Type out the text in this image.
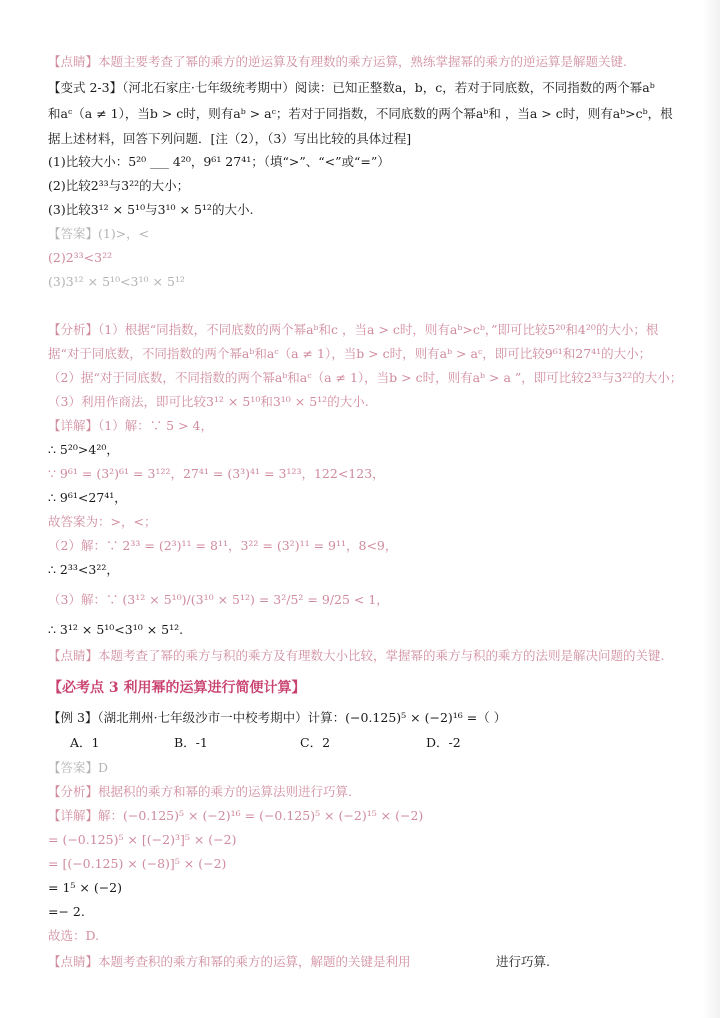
【点睛】本题主要考查了幂的乘方的逆运算及有理数的乘方运算，熟练掌握幂的乘方的逆运算是解题关键.
【变式 2-3】（河北石家庄·七年级统考期中）阅读：已知正整数a，b，c，若对于同底数，不同指数的两个幂aᵇ
和aᶜ（a ≠ 1），当b > c时，则有aᵇ > aᶜ；若对于同指数，不同底数的两个幂aᵇ和 ，当a > c时，则有aᵇ>cᵇ，根
据上述材料，回答下列问题．[注（2），（3）写出比较的具体过程]
(1)比较大小：5²⁰ ___ 4²⁰，9⁶¹ 27⁴¹；（填“>”、“<”或“=”）
(2)比较2³³与3²²的大小；
(3)比较3¹² × 5¹⁰与3¹⁰ × 5¹²的大小.
【答案】(1)>，<
(2)2³³<3²²
(3)3¹² × 5¹⁰<3¹⁰ × 5¹²
【分析】（1）根据“同指数，不同底数的两个幂aᵇ和c ，当a > c时，则有aᵇ>cᵇ，”即可比较5²⁰和4²⁰的大小；根
据“对于同底数，不同指数的两个幂aᵇ和aᶜ（a ≠ 1），当b > c时，则有aᵇ > aᶜ，即可比较9⁶¹和27⁴¹的大小；
（2）据“对于同底数，不同指数的两个幂aᵇ和aᶜ（a ≠ 1），当b > c时，则有aᵇ > a ”，即可比较2³³与3²²的大小；
（3）利用作商法，即可比较3¹² × 5¹⁰和3¹⁰ × 5¹²的大小.
【详解】（1）解：∵ 5 > 4，
∴ 5²⁰>4²⁰，
∵ 9⁶¹ = (3²)⁶¹ = 3¹²²，27⁴¹ = (3³)⁴¹ = 3¹²³，122<123，
∴ 9⁶¹<27⁴¹，
故答案为：>，<；
（2）解：∵ 2³³ = (2³)¹¹ = 8¹¹，3²² = (3²)¹¹ = 9¹¹，8<9，
∴ 2³³<3²²，
（3）解：∵ (3¹² × 5¹⁰)/(3¹⁰ × 5¹²) = 3²/5² = 9/25 < 1，
∴ 3¹² × 5¹⁰<3¹⁰ × 5¹².
【点睛】本题考查了幂的乘方与积的乘方及有理数大小比较，掌握幂的乘方与积的乘方的法则是解决问题的关键.
【必考点 3 利用幂的运算进行简便计算】
【例 3】（湖北荆州·七年级沙市一中校考期中）计算：(−0.125)⁵ × (−2)¹⁶ =（ ）
A．1	B．-1	C．2	D．-2
【答案】D
【分析】根据积的乘方和幂的乘方的运算法则进行巧算.
【详解】解：(−0.125)⁵ × (−2)¹⁶ = (−0.125)⁵ × (−2)¹⁵ × (−2)
= (−0.125)⁵ × [(−2)³]⁵ × (−2)
= [(−0.125) × (−8)]⁵ × (−2)
= 1⁵ × (−2)
=− 2.
故选：D.
【点睛】本题考查积的乘方和幂的乘方的运算，解题的关键是利用	进行巧算.
